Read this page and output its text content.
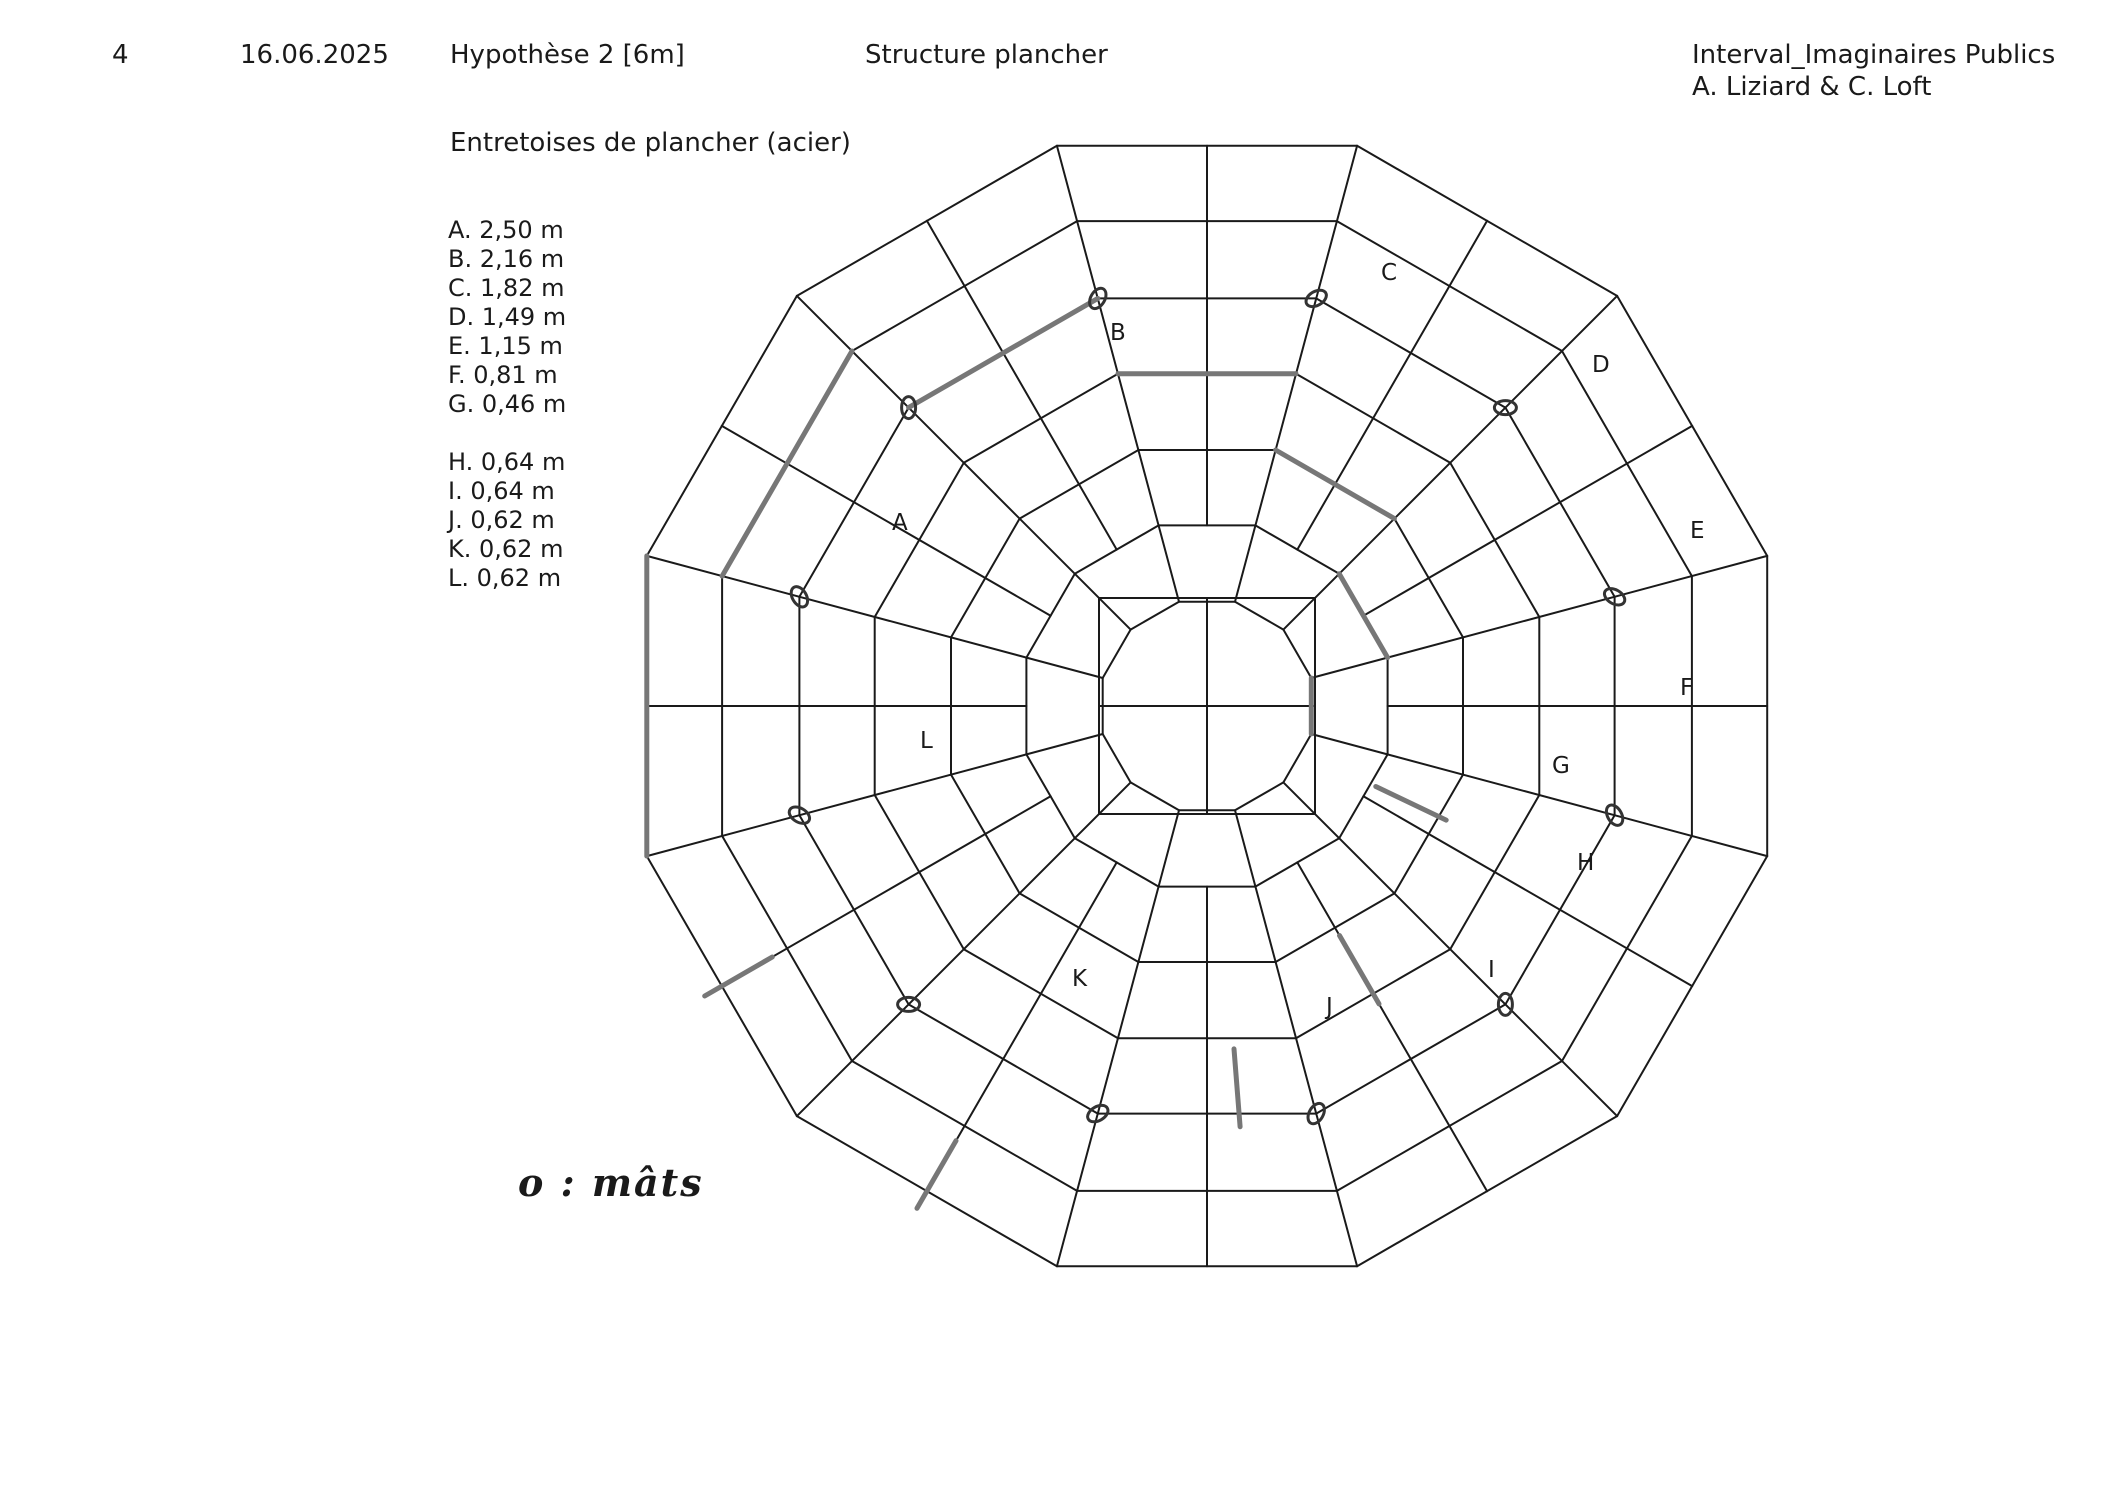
4	16.06.2025 Hypothèse 2 [6m]	Structure plancher	Interval_Imaginaires Publics
A. Liziard & C. Loft
Entretoises de plancher (acier)
A. 2,50 m
B. 2,16 m
C. 1,82 m
D. 1,49 m
E. 1,15 m
F. 0,81 m
G. 0,46 m
H. 0,64 m
I. 0,64 m
J. 0,62 m
K. 0,62 m
L. 0,62 m
o : mâts
A
B
C
D
E
F
G
H
I
J
K
L
